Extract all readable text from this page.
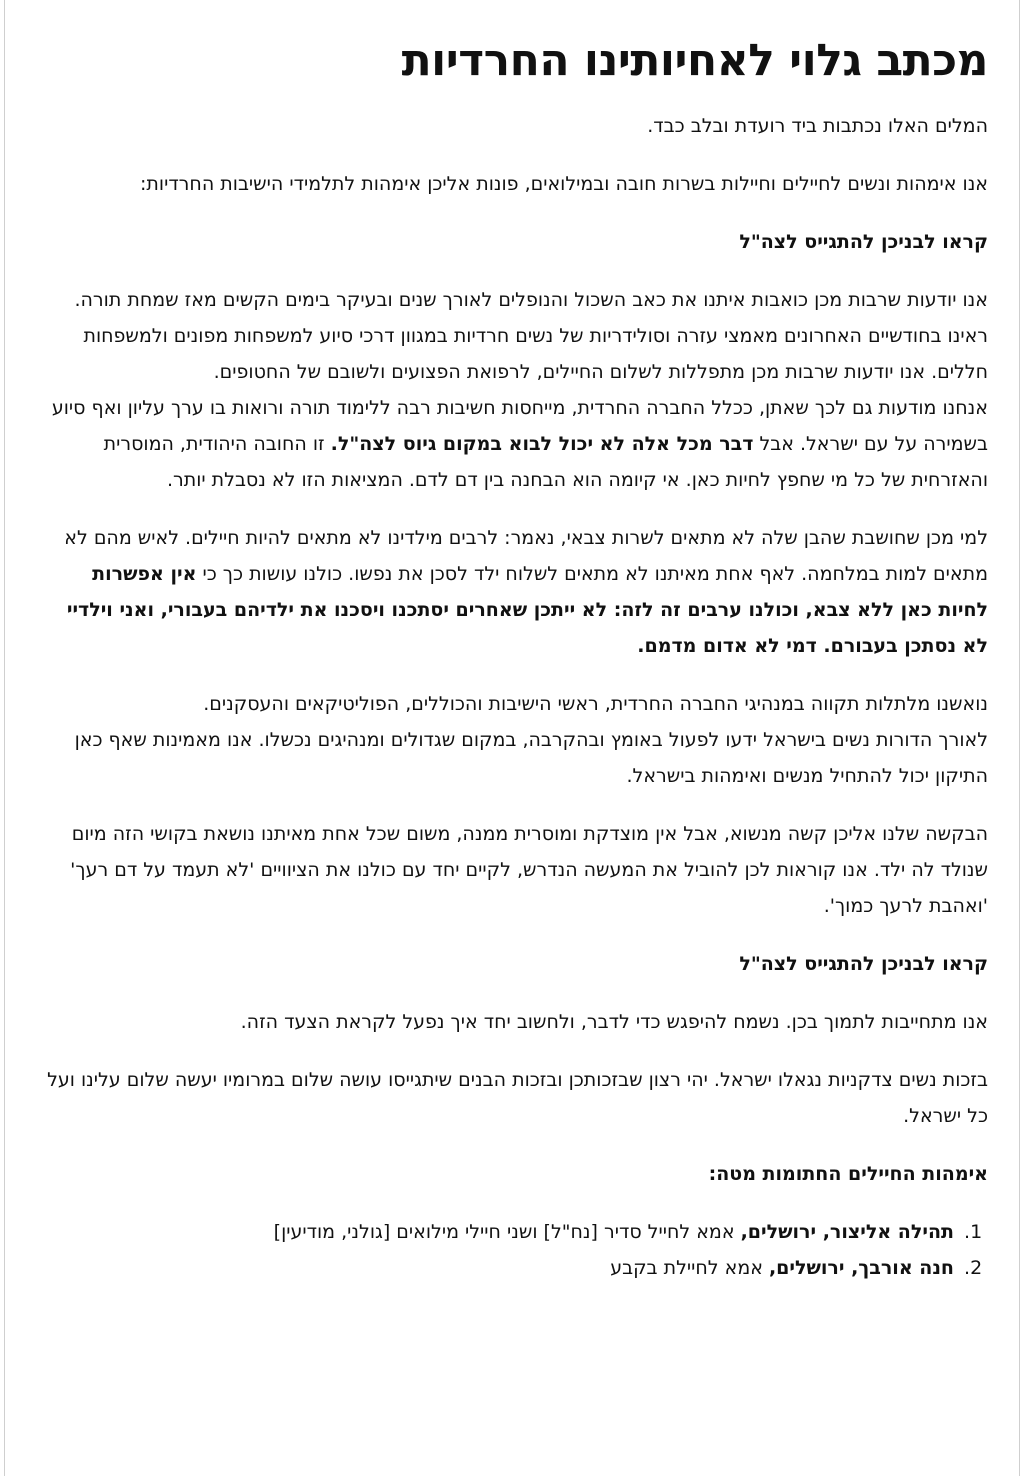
מכתב גלוי לאחיותינו החרדיות

המלים האלו נכתבות ביד רועדת ובלב כבד.

אנו אימהות ונשים לחיילים וחיילות בשרות חובה ובמילואים, פונות אליכן אימהות לתלמידי הישיבות החרדיות:

קראו לבניכן להתגייס לצה"ל

אנו יודעות שרבות מכן כואבות איתנו את כאב השכול והנופלים לאורך שנים ובעיקר בימים הקשים מאז שמחת תורה. ראינו בחודשיים האחרונים מאמצי עזרה וסולידריות של נשים חרדיות במגוון דרכי סיוע למשפחות מפונים ולמשפחות חללים. אנו יודעות שרבות מכן מתפללות לשלום החיילים, לרפואת הפצועים ולשובם של החטופים.

אנחנו מודעות גם לכך שאתן, ככלל החברה החרדית, מייחסות חשיבות רבה ללימוד תורה ורואות בו ערך עליון ואף סיוע בשמירה על עם ישראל. אבל דבר מכל אלה לא יכול לבוא במקום גיוס לצה"ל. זו החובה היהודית, המוסרית והאזרחית של כל מי שחפץ לחיות כאן. אי קיומה הוא הבחנה בין דם לדם. המציאות הזו לא נסבלת יותר.

למי מכן שחושבת שהבן שלה לא מתאים לשרות צבאי, נאמר: לרבים מילדינו לא מתאים להיות חיילים. לאיש מהם לא מתאים למות במלחמה. לאף אחת מאיתנו לא מתאים לשלוח ילד לסכן את נפשו. כולנו עושות כך כי אין אפשרות לחיות כאן ללא צבא, וכולנו ערבים זה לזה: לא ייתכן שאחרים יסתכנו ויסכנו את ילדיהם בעבורי, ואני וילדיי לא נסתכן בעבורם. דמי לא אדום מדמם.

נואשנו מלתלות תקווה במנהיגי החברה החרדית, ראשי הישיבות והכוללים, הפוליטיקאים והעסקנים.

לאורך הדורות נשים בישראל ידעו לפעול באומץ ובהקרבה, במקום שגדולים ומנהיגים נכשלו. אנו מאמינות שאף כאן התיקון יכול להתחיל מנשים ואימהות בישראל.

הבקשה שלנו אליכן קשה מנשוא, אבל אין מוצדקת ומוסרית ממנה, משום שכל אחת מאיתנו נושאת בקושי הזה מיום שנולד לה ילד. אנו קוראות לכן להוביל את המעשה הנדרש, לקיים יחד עם כולנו את הציוויים 'לא תעמד על דם רעך' 'ואהבת לרעך כמוך'.

קראו לבניכן להתגייס לצה"ל

אנו מתחייבות לתמוך בכן. נשמח להיפגש כדי לדבר, ולחשוב יחד איך נפעל לקראת הצעד הזה.

בזכות נשים צדקניות נגאלו ישראל. יהי רצון שבזכותכן ובזכות הבנים שיתגייסו עושה שלום במרומיו יעשה שלום עלינו ועל כל ישראל.

אימהות החיילים החתומות מטה:

1. תהילה אליצור, ירושלים, אמא לחייל סדיר [נח"ל] ושני חיילי מילואים [גולני, מודיעין]
2. חנה אורבך, ירושלים, אמא לחיילת בקבע
